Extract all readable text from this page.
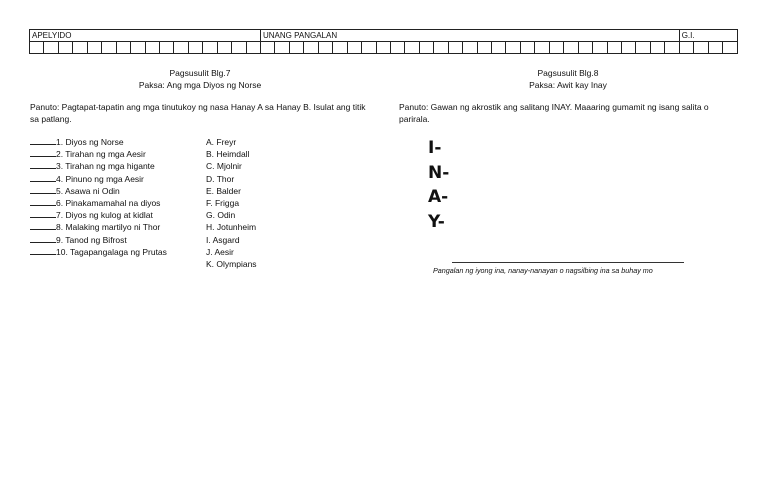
APELYIDO																UNANG PANGALAN																													G.I.			

Pagsusulit Blg.7
Paksa: Ang mga Diyos ng Norse
Panuto: Pagtapat-tapatin ang mga tinutukoy ng nasa Hanay A sa Hanay B. Isulat ang titik sa patlang.
1. Diyos ng Norse
2. Tirahan ng mga Aesir
3. Tirahan ng mga higante
4. Pinuno ng mga Aesir
5. Asawa ni Odin
6. Pinakamamahal na diyos
7. Diyos ng kulog at kidlat
8. Malaking martilyo ni Thor
9. Tanod ng Bifrost
10. Tagapangalaga ng Prutas
A. Freyr
B. Heimdall
C. Mjolnir
D. Thor
E. Balder
F. Frigga
G. Odin
H. Jotunheim
I. Asgard
J. Aesir
K. Olympians
Pagsusulit Blg.8
Paksa: Awit kay Inay
Panuto: Gawan ng akrostik ang salitang INAY. Maaaring gumamit ng isang salita o parirala.
I-
N-
A-
Y-
Pangalan ng iyong ina, nanay-nanayan o nagsilbing ina sa buhay mo
